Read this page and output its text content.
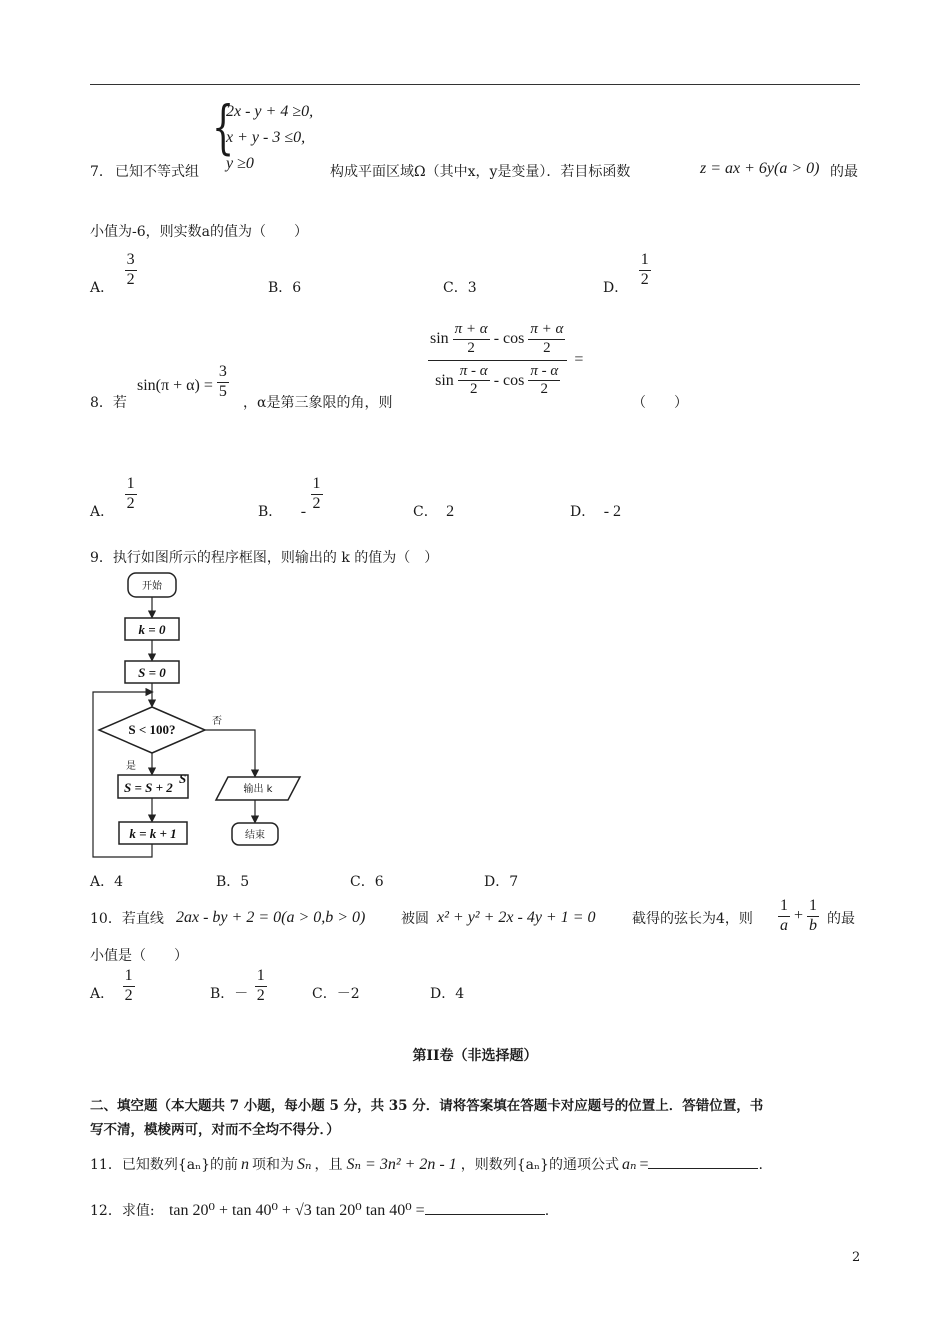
{
2x - y + 4 ≥0,
x + y - 3 ≤0,
y ≥0
7． 已知不等式组	构成平面区域Ω（其中x，y是变量）．若目标函数	z = ax + 6y(a > 0) 的最
小值为-6，则实数a的值为（　　）
A． $\frac{3}{2}$	B．6	C．3	D． $\frac{1}{2}$
8．若
$\sin(\pi + \alpha) = \frac{3}{5}$
，α是第三象限的角，则
$\frac{\sin \frac{\pi + \alpha}{2} - \cos \frac{\pi + \alpha}{2}}{\sin \frac{\pi - \alpha}{2} - \cos \frac{\pi - \alpha}{2}}$ =
（　　）
A． $\frac{1}{2}$	B． - $\frac{1}{2}$	C． 2	D． - 2
9．执行如图所示的程序框图，则输出的 k 的值为（　）
开始
k = 0
S = 0
S < 100?
否
是
S = S + 2
S
k = k + 1
输出 k
结束
A．4	B．5	C．6	D．7
10．若直线 2ax - by + 2 = 0(a > 0,b > 0)	被圆 x² + y² + 2x - 4y + 1 = 0	截得的弦长为4，则 $\frac{1}{a} + \frac{1}{b}$ 的最
小值是（　　）
A． $\frac{1}{2}$	B．－ $\frac{1}{2}$	C．－2	D．4
第II卷（非选择题）
二、填空题（本大题共 7 小题，每小题 5 分，共 35 分．请将答案填在答题卡对应题号的位置上．答错位置，书
写不清，模棱两可，对而不全均不得分．）
11．已知数列{aₙ}的前 n 项和为 Sₙ ，且 Sₙ = 3n² + 2n - 1 ，则数列{aₙ}的通项公式 aₙ =	.
12．求值: tan 20⁰ + tan 40⁰ + √3 tan 20⁰ tan 40⁰ =	.
2
